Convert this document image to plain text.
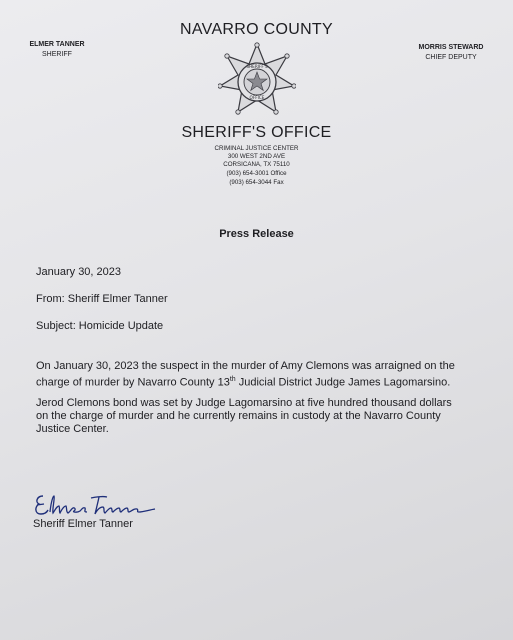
NAVARRO COUNTY
ELMER TANNER
SHERIFF
MORRIS STEWARD
CHIEF DEPUTY
SHERIFF'S
OFFICE
SHERIFF'S OFFICE
CRIMINAL JUSTICE CENTER
300 WEST 2ND AVE
CORSICANA, TX 75110
(903) 654-3001 Office
(903) 654-3044 Fax
Press Release
January 30, 2023
From: Sheriff Elmer Tanner
Subject: Homicide Update
On January 30, 2023 the suspect in the murder of Amy Clemons was arraigned on the charge of murder by Navarro County 13th Judicial District Judge James Lagomarsino.
Jerod Clemons bond was set by Judge Lagomarsino at five hundred thousand dollars on the charge of murder and he currently remains in custody at the Navarro County Justice Center.
Sheriff Elmer Tanner
